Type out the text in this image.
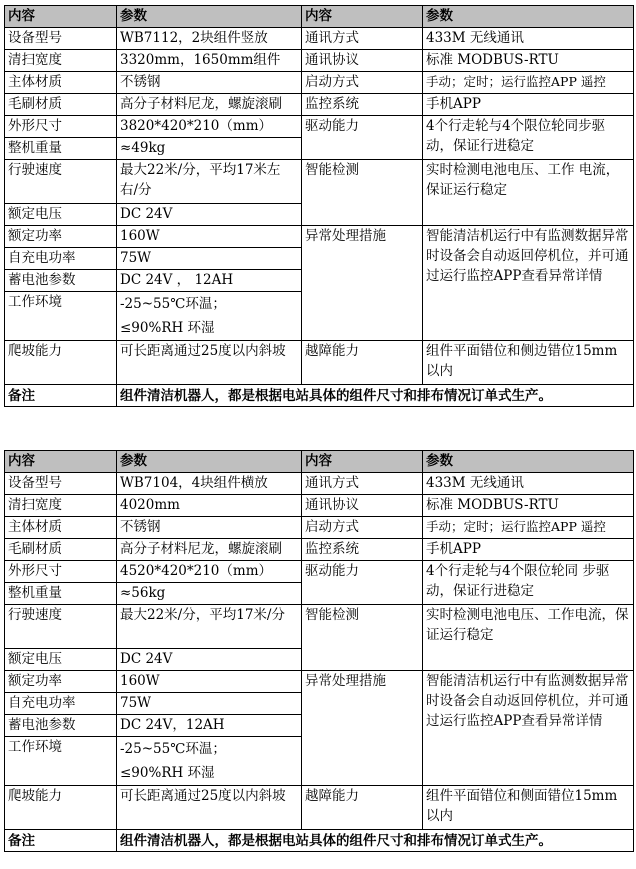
内容	参数	内容	参数
设备型号	WB7112，2块组件竖放	通讯方式	433M 无线通讯
清扫宽度	3320mm，1650mm组件	通讯协议	标准 MODBUS-RTU
主体材质	不锈钢	启动方式	手动；定时；运行监控APP 遥控
毛刷材质	高分子材料尼龙，螺旋滚刷	监控系统	手机APP
外形尺寸	3820*420*210（mm）	驱动能力	4个行走轮与4个限位轮同步驱动，保证行进稳定
整机重量	≈49kg		
行驶速度	最大22米/分，平均17米左右/分	智能检测	实时检测电池电压、工作 电流，保证运行稳定
额定电压	DC 24V		
额定功率	160W	异常处理措施	智能清洁机运行中有监测数据异常时设备会自动返回停机位，并可通过运行监控APP查看异常详情
自充电功率	75W		
蓄电池参数	DC 24V ， 12AH		
工作环境	-25~55℃环温；
≤90%RH 环湿		

爬坡能力	可长距离通过25度以内斜坡	越障能力	组件平面错位和侧边错位15mm以内
备注	组件清洁机器人，都是根据电站具体的组件尺寸和排布情况订单式生产。		
内容	参数	内容	参数
设备型号	WB7104，4块组件横放	通讯方式	433M 无线通讯
清扫宽度	4020mm	通讯协议	标准 MODBUS-RTU
主体材质	不锈钢	启动方式	手动；定时；运行监控APP 遥控
毛刷材质	高分子材料尼龙，螺旋滚刷	监控系统	手机APP
外形尺寸	4520*420*210（mm）	驱动能力	4个行走轮与4个限位轮同 步驱动，保证行进稳定
整机重量	≈56kg		
行驶速度	最大22米/分，平均17米/分	智能检测	实时检测电池电压、工作电流，保证运行稳定
额定电压	DC 24V		
额定功率	160W	异常处理措施	智能清洁机运行中有监测数据异常时设备会自动返回停机位，并可通过运行监控APP查看异常详情
自充电功率	75W		
蓄电池参数	DC 24V，12AH		
工作环境	-25~55℃环温；
≤90%RH 环湿		

爬坡能力	可长距离通过25度以内斜坡	越障能力	组件平面错位和侧面错位15mm以内
备注	组件清洁机器人，都是根据电站具体的组件尺寸和排布情况订单式生产。		
